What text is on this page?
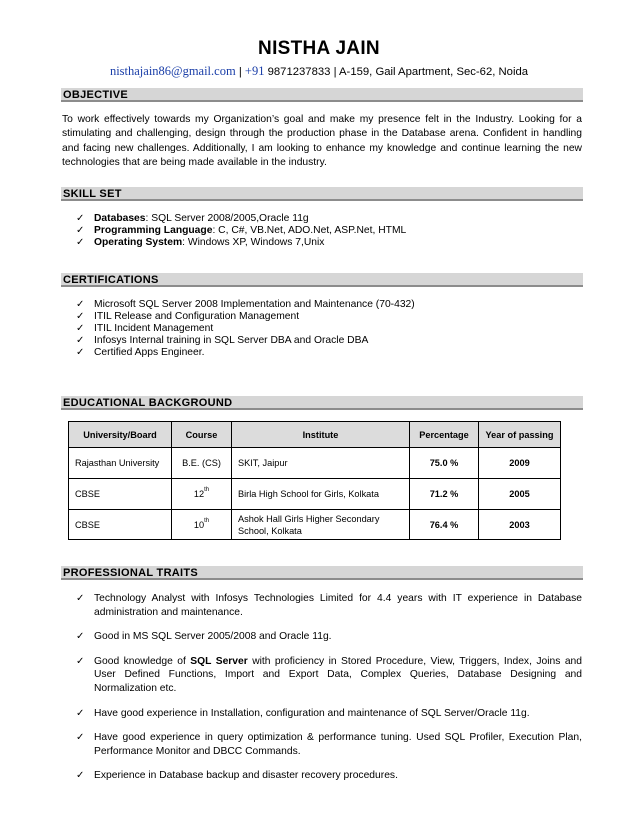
NISTHA JAIN
nisthajain86@gmail.com | +91 9871237833 | A-159, Gail Apartment, Sec-62, Noida
OBJECTIVE
To work effectively towards my Organization’s goal and make my presence felt in the Industry. Looking for a stimulating and challenging, design through the production phase in the Database arena. Confident in handling and facing new challenges. Additionally, I am looking to enhance my knowledge and continue learning the new technologies that are being made available in the industry.
SKILL SET
✓ Databases: SQL Server 2008/2005,Oracle 11g
✓ Programming Language: C, C#, VB.Net, ADO.Net, ASP.Net, HTML
✓ Operating System: Windows XP, Windows 7,Unix
CERTIFICATIONS
✓ Microsoft SQL Server 2008 Implementation and Maintenance (70-432)
✓ ITIL Release and Configuration Management
✓ ITIL Incident Management
✓ Infosys Internal training in SQL Server DBA and Oracle DBA
✓ Certified Apps Engineer.
EDUCATIONAL BACKGROUND
University/Board	Course	Institute	Percentage	Year of passing
Rajasthan University	B.E. (CS)	SKIT, Jaipur	75.0 %	2009
CBSE	12th	Birla High School for Girls, Kolkata	71.2 %	2005
CBSE	10th	Ashok Hall Girls Higher Secondary School, Kolkata	76.4 %	2003
PROFESSIONAL TRAITS
✓ Technology Analyst with Infosys Technologies Limited for 4.4 years with IT experience in Database administration and maintenance.
✓ Good in MS SQL Server 2005/2008 and Oracle 11g.
✓ Good knowledge of SQL Server with proficiency in Stored Procedure, View, Triggers, Index, Joins and User Defined Functions, Import and Export Data, Complex Queries, Database Designing and Normalization etc.
✓ Have good experience in Installation, configuration and maintenance of SQL Server/Oracle 11g.
✓ Have good experience in query optimization & performance tuning. Used SQL Profiler, Execution Plan, Performance Monitor and DBCC Commands.
✓ Experience in Database backup and disaster recovery procedures.
